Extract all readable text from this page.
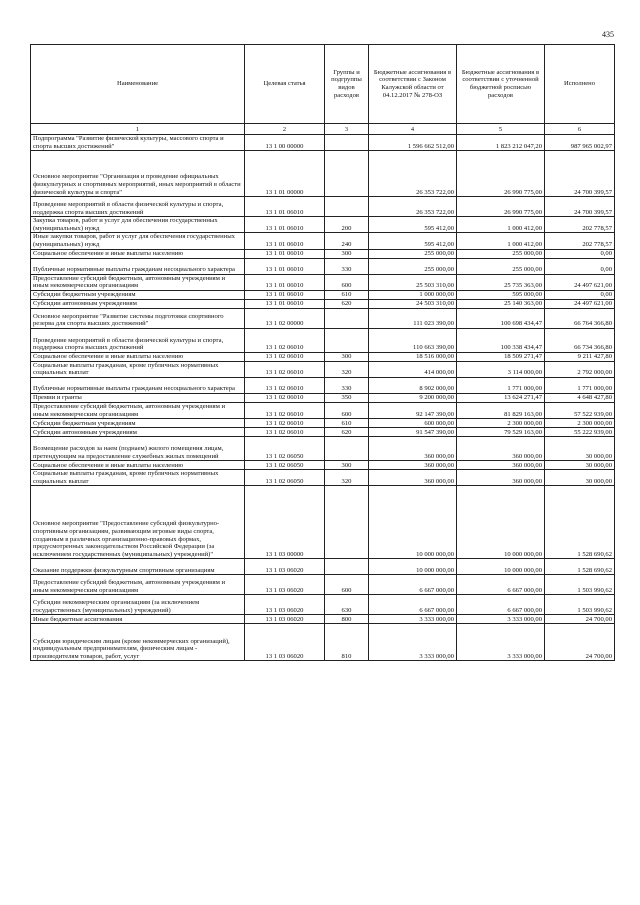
435
Наименование	Целевая статья	Группы и подгруппы видов расходов	Бюджетные ассигнования в соответствии с Законом Калужской области от 04.12.2017 № 278-ОЗ	Бюджетные ассигнования в соответствии с уточненной бюджетной росписью расходов	Исполнено
1	2	3	4	5	6
Подпрограмма "Развитие физической культуры, массового спорта и спорта высших достижений"	13 1 00 00000		1 596 662 512,00	1 823 212 047,20	987 965 002,97
Основное мероприятие "Организация и проведение официальных физкультурных и спортивных мероприятий, иных мероприятий в области физической культуры и спорта"	13 1 01 00000		26 353 722,00	26 990 775,00	24 700 399,57
Проведение мероприятий в области физической культуры и спорта, поддержка спорта высших достижений	13 1 01 06010		26 353 722,00	26 990 775,00	24 700 399,57
Закупка товаров, работ и услуг для обеспечения государственных (муниципальных) нужд	13 1 01 06010	200	595 412,00	1 000 412,00	202 778,57
Иные закупки товаров, работ и услуг для обеспечения государственных (муниципальных) нужд	13 1 01 06010	240	595 412,00	1 000 412,00	202 778,57
Социальное обеспечение и иные выплаты населению	13 1 01 06010	300	255 000,00	255 000,00	0,00
Публичные нормативные выплаты гражданам несоциального характера	13 1 01 06010	330	255 000,00	255 000,00	0,00
Предоставление субсидий бюджетным, автономным учреждениям и иным некоммерческим организациям	13 1 01 06010	600	25 503 310,00	25 735 363,00	24 497 621,00
Субсидии бюджетным учреждениям	13 1 01 06010	610	1 000 000,00	595 000,00	0,00
Субсидии автономным учреждениям	13 1 01 06010	620	24 503 310,00	25 140 363,00	24 497 621,00
Основное мероприятие "Развитие системы подготовки спортивного резерва для спорта высших достижений"	13 1 02 00000		111 023 390,00	100 698 434,47	66 764 366,80
Проведение мероприятий в области физической культуры и спорта, поддержка спорта высших достижений	13 1 02 06010		110 663 390,00	100 338 434,47	66 734 366,80
Социальное обеспечение и иные выплаты населению	13 1 02 06010	300	18 516 000,00	18 509 271,47	9 211 427,80
Социальные выплаты гражданам, кроме публичных нормативных социальных выплат	13 1 02 06010	320	414 000,00	3 114 000,00	2 792 000,00
Публичные нормативные выплаты гражданам несоциального характера	13 1 02 06010	330	8 902 000,00	1 771 000,00	1 771 000,00
Премии и гранты	13 1 02 06010	350	9 200 000,00	13 624 271,47	4 648 427,80
Предоставление субсидий бюджетным, автономным учреждениям и иным некоммерческим организациям	13 1 02 06010	600	92 147 390,00	81 829 163,00	57 522 939,00
Субсидии бюджетным учреждениям	13 1 02 06010	610	600 000,00	2 300 000,00	2 300 000,00
Субсидии автономным учреждениям	13 1 02 06010	620	91 547 390,00	79 529 163,00	55 222 939,00
Возмещение расходов за наем (поднаем) жилого помещения лицам, претендующим на предоставление служебных жилых помещений	13 1 02 06050		360 000,00	360 000,00	30 000,00
Социальное обеспечение и иные выплаты населению	13 1 02 06050	300	360 000,00	360 000,00	30 000,00
Социальные выплаты гражданам, кроме публичных нормативных социальных выплат	13 1 02 06050	320	360 000,00	360 000,00	30 000,00
Основное мероприятие "Предоставление субсидий физкультурно-спортивным организациям, развивающим игровые виды спорта, созданным в различных организационно-правовых формах, предусмотренных законодательством Российской Федерации (за исключением государственных (муниципальных) учреждений)"	13 1 03 00000		10 000 000,00	10 000 000,00	1 528 690,62
Оказание поддержки физкультурным спортивным организациям	13 1 03 06020		10 000 000,00	10 000 000,00	1 528 690,62
Предоставление субсидий бюджетным, автономным учреждениям и иным некоммерческим организациям	13 1 03 06020	600	6 667 000,00	6 667 000,00	1 503 990,62
Субсидии некоммерческим организациям (за исключением государственных (муниципальных) учреждений)	13 1 03 06020	630	6 667 000,00	6 667 000,00	1 503 990,62
Иные бюджетные ассигнования	13 1 03 06020	800	3 333 000,00	3 333 000,00	24 700,00
Субсидии юридическим лицам (кроме некоммерческих организаций), индивидуальным предпринимателям, физическим лицам - производителям товаров, работ, услуг	13 1 03 06020	810	3 333 000,00	3 333 000,00	24 700,00
